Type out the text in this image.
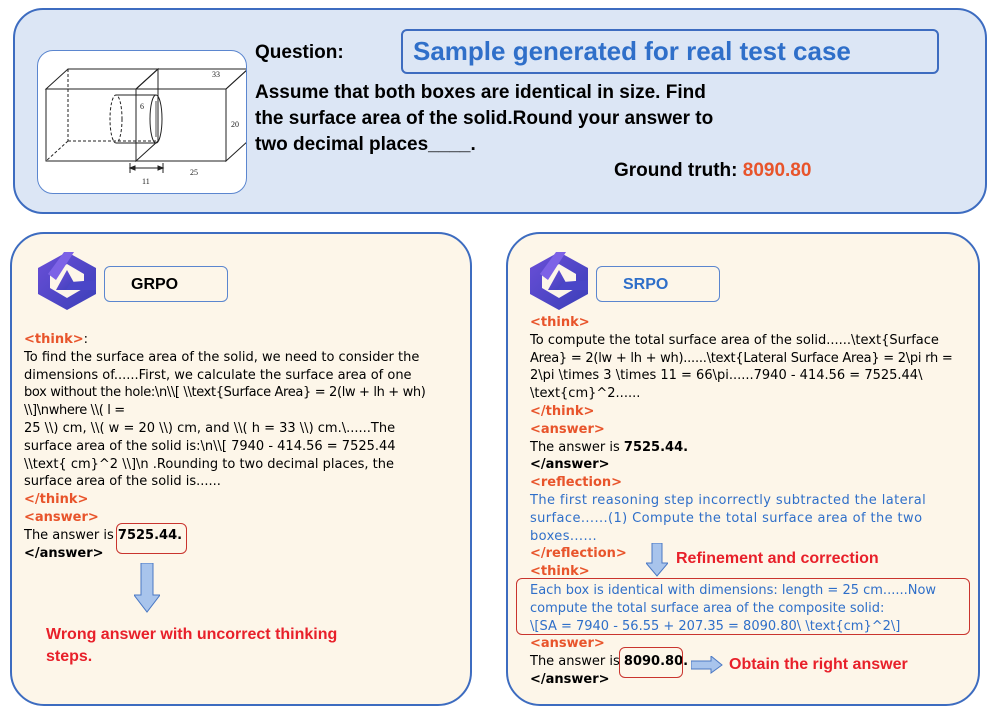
33
20
25
11
6
Question:	Sample generated for real test case
Assume that both boxes are identical in size. Find
the surface area of the solid.Round your answer to
two decimal places____.
Ground truth: 8090.80
GRPO
<think>:
To find the surface area of the solid, we need to consider the
dimensions of......First, we calculate the surface area of one
box without the hole:\n\\[ \\text{Surface Area} = 2(lw + lh + wh) \\]\nwhere \\( l =
25 \\) cm, \\( w = 20 \\) cm, and \\( h = 33 \\) cm.\......The
surface area of the solid is:\n\\[ 7940 - 414.56 = 7525.44
\\text{ cm}^2 \\]\n .Rounding to two decimal places, the
surface area of the solid is......
</think>
<answer>
The answer is 7525.44.
</answer>
Wrong answer with uncorrect thinking
steps.
SRPO
<think>
To compute the total surface area of the solid......\text{Surface
Area} = 2(lw + lh + wh)......\text{Lateral Surface Area} = 2\pi rh =
2\pi \times 3 \times 11 = 66\pi......7940 - 414.56 = 7525.44\
\text{cm}^2......
</think>
<answer>
The answer is 7525.44.
</answer>
<reflection>
The first reasoning step incorrectly subtracted the lateral
surface......(1) Compute the total surface area of the two
boxes......
</reflection>
<think>
Refinement and correction
Each box is identical with dimensions: length = 25 cm......Now
compute the total surface area of the composite solid:
\[SA = 7940 - 56.55 + 207.35 = 8090.80\ \text{cm}^2\]
<answer>
The answer is 8090.80.
</answer>
Obtain the right answer
